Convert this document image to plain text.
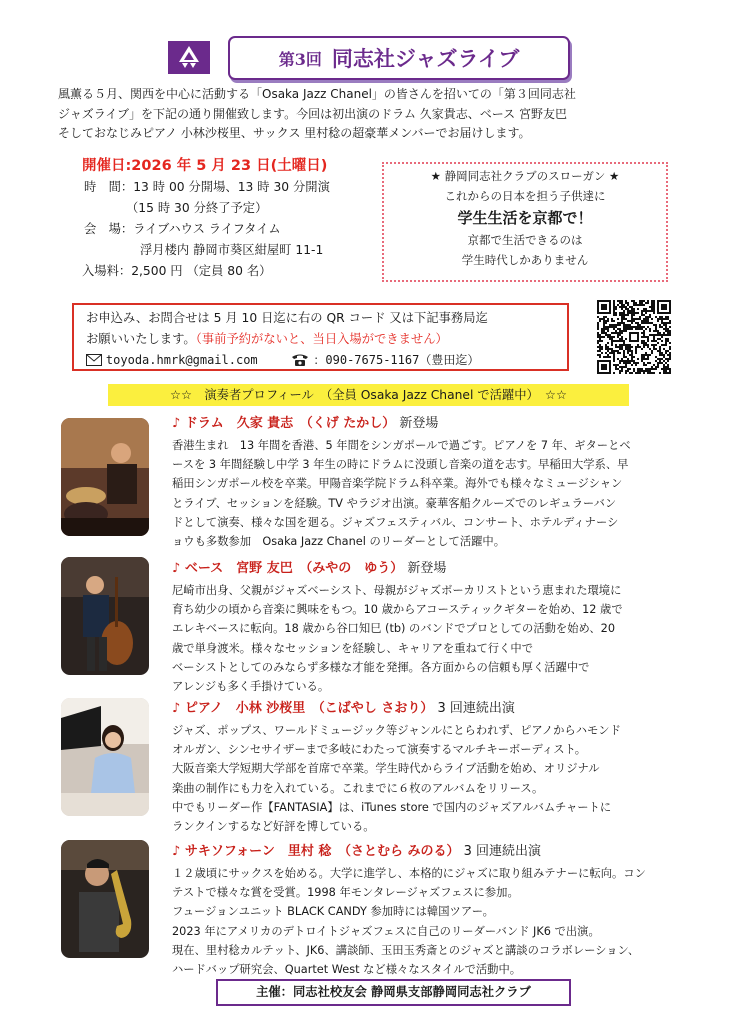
第3回 同志社ジャズライブ
風薫る５月、関西を中心に活動する「Osaka Jazz Chanel」の皆さんを招いての「第３回同志社
ジャズライブ」を下記の通り開催致します。今回は初出演のドラム 久家貴志、ベース 宮野友巴
そしておなじみピアノ 小林沙桜里、サックス 里村稔の超豪華メンバーでお届けします。
開催日:2026 年 5 月 23 日(土曜日)
時　間：13 時 00 分開場、13 時 30 分開演
（15 時 30 分終了予定）
会　場：ライブハウス ライフタイム
浮月楼内 静岡市葵区紺屋町 11-1
入場料：2,500 円 （定員 80 名）
★ 静岡同志社クラブのスローガン ★
これからの日本を担う子供達に
学生生活を京都で！
京都で生活できるのは
学生時代しかありません
お申込み、お問合せは 5 月 10 日迄に右の QR コード 又は下記事務局迄
お願いいたします。（事前予約がないと、当日入場ができません）
toyoda.hmrk@gmail.com	：090-7675-1167（豊田迄）
☆☆　演奏者プロフィール　（全員 Osaka Jazz Chanel で活躍中）　☆☆
♪ ドラム　久家 貴志　（くげ たかし） 新登場
香港生まれ　13 年間を香港、5 年間をシンガポールで過ごす。ピアノを 7 年、ギターとベ
ースを 3 年間経験し中学 3 年生の時にドラムに没頭し音楽の道を志す。早稲田大学系、早
稲田シンガポール校を卒業。甲陽音楽学院ドラム科卒業。海外でも様々なミュージシャン
とライブ、セッションを経験。TV やラジオ出演。豪華客船クルーズでのレギュラーバン
ドとして演奏、様々な国を廻る。ジャズフェスティバル、コンサート、ホテルディナーシ
ョウも多数参加　Osaka Jazz Chanel のリーダーとして活躍中。
♪ ベース　宮野 友巴　（みやの　ゆう） 新登場
尼崎市出身、父親がジャズベーシスト、母親がジャズボーカリストという恵まれた環境に
育ち幼少の頃から音楽に興味をもつ。10 歳からアコースティックギターを始め、12 歳で
エレキベースに転向。18 歳から谷口知巳 (tb) のバンドでプロとしての活動を始め、20
歳で単身渡米。様々なセッションを経験し、キャリアを重ねて行く中で
ベーシストとしてのみならず多様な才能を発揮。各方面からの信頼も厚く活躍中で
アレンジも多く手掛けている。
♪ ピアノ　小林 沙桜里　（こばやし さおり） 3 回連続出演
ジャズ、ポップス、ワールドミュージック等ジャンルにとらわれず、ピアノからハモンド
オルガン、シンセサイザーまで多岐にわたって演奏するマルチキーボーディスト。
大阪音楽大学短期大学部を首席で卒業。学生時代からライブ活動を始め、オリジナル
楽曲の制作にも力を入れている。これまでに６枚のアルバムをリリース。
中でもリーダー作【FANTASIA】は、iTunes store で国内のジャズアルバムチャートに
ランクインするなど好評を博している。
♪ サキソフォーン　里村 稔　（さとむら みのる） 3 回連続出演
１２歳頃にサックスを始める。大学に進学し、本格的にジャズに取り組みテナーに転向。コン
テストで様々な賞を受賞。1998 年モンタレージャズフェスに参加。
フュージョンユニット BLACK CANDY 参加時には韓国ツアー。
2023 年にアメリカのデトロイトジャズフェスに自己のリーダーバンド JK6 で出演。
現在、里村稔カルテット、JK6、講談師、玉田玉秀斎とのジャズと講談のコラボレーション、
ハードバップ研究会、Quartet West など様々なスタイルで活動中。
主催：同志社校友会 静岡県支部静岡同志社クラブ
